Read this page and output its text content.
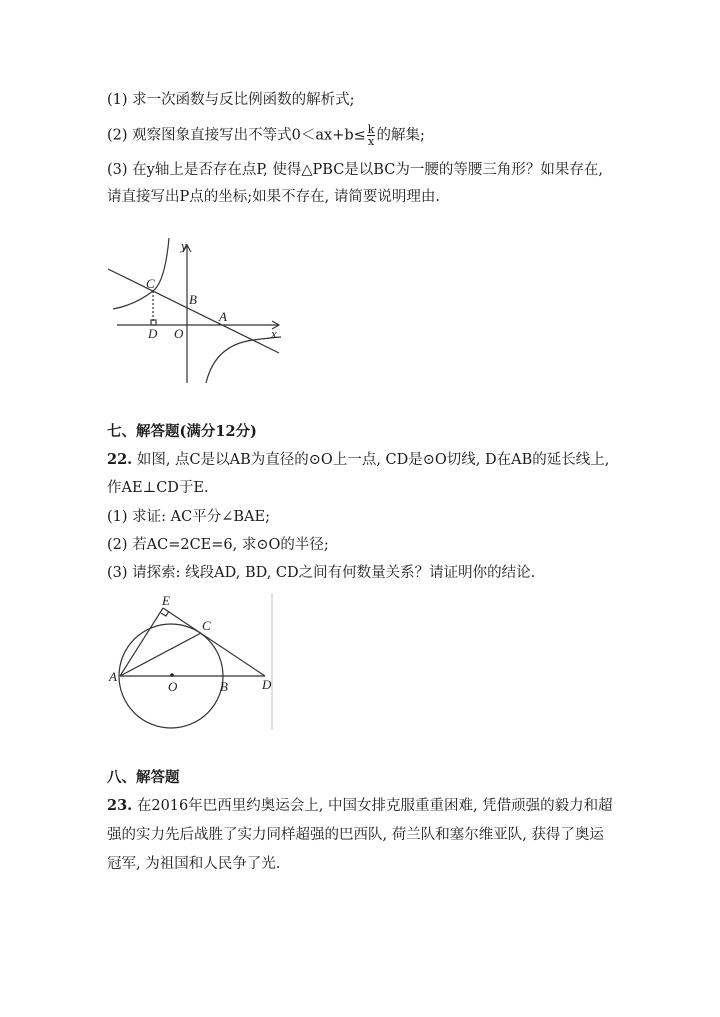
(1) 求一次函数与反比例函数的解析式;
(2) 观察图象直接写出不等式$0<ax+b\le \frac{k}{x}$ 的解集;
(3) 在y轴上是否存在点P, 使得△PBC是以BC为一腰的等腰三角形？如果存在,
请直接写出P点的坐标;如果不存在, 请简要说明理由.
y
x
C
B
A
D O
E
C
A
O	B	D
七、解答题(满分12分)
22. 如图, 点C是以AB为直径的⊙O上一点, CD是⊙O切线, D在AB的延长线上,
作AE⊥CD于E.
(1) 求证: AC平分∠BAE;
(2) 若AC=2CE=6, 求⊙O的半径;
(3) 请探索: 线段AD, BD, CD之间有何数量关系？请证明你的结论.
八、解答题
23. 在2016年巴西里约奥运会上, 中国女排克服重重困难, 凭借顽强的毅力和超
强的实力先后战胜了实力同样超强的巴西队, 荷兰队和塞尔维亚队, 获得了奥运
冠军, 为祖国和人民争了光.
